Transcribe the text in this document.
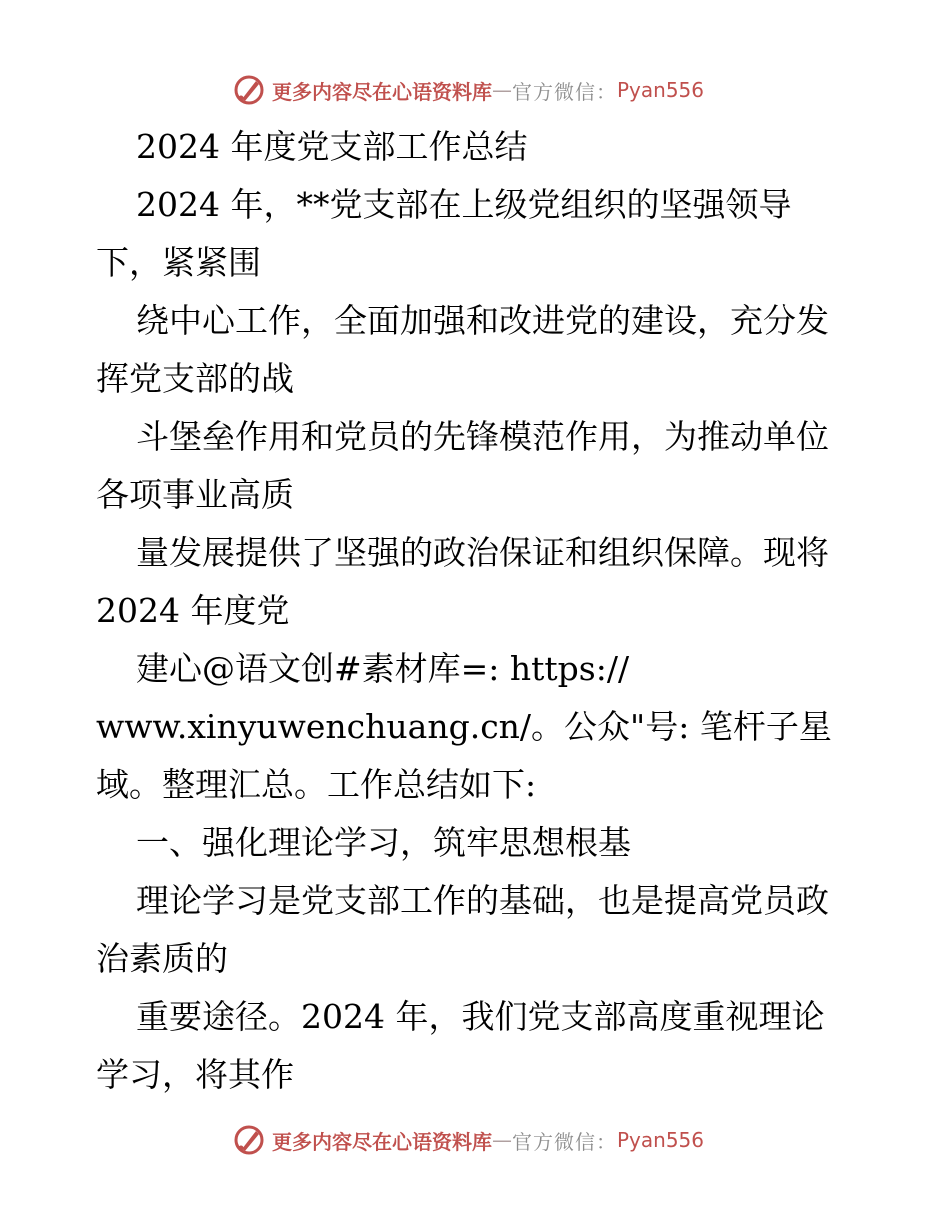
更多内容尽在心语资料库 — 官方微信： Pyan556
2024 年度党支部工作总结
2024 年，**党支部在上级党组织的坚强领导
下，紧紧围
绕中心工作，全面加强和改进党的建设，充分发
挥党支部的战
斗堡垒作用和党员的先锋模范作用，为推动单位
各项事业高质
量发展提供了坚强的政治保证和组织保障。现将
2024 年度党
建心@语文创#素材库=: https://
www.xinyuwenchuang.cn/。公众"号: 笔杆子星
域。整理汇总。工作总结如下:
一、强化理论学习，筑牢思想根基
理论学习是党支部工作的基础，也是提高党员政
治素质的
重要途径。2024 年，我们党支部高度重视理论
学习，将其作
更多内容尽在心语资料库 — 官方微信： Pyan556
